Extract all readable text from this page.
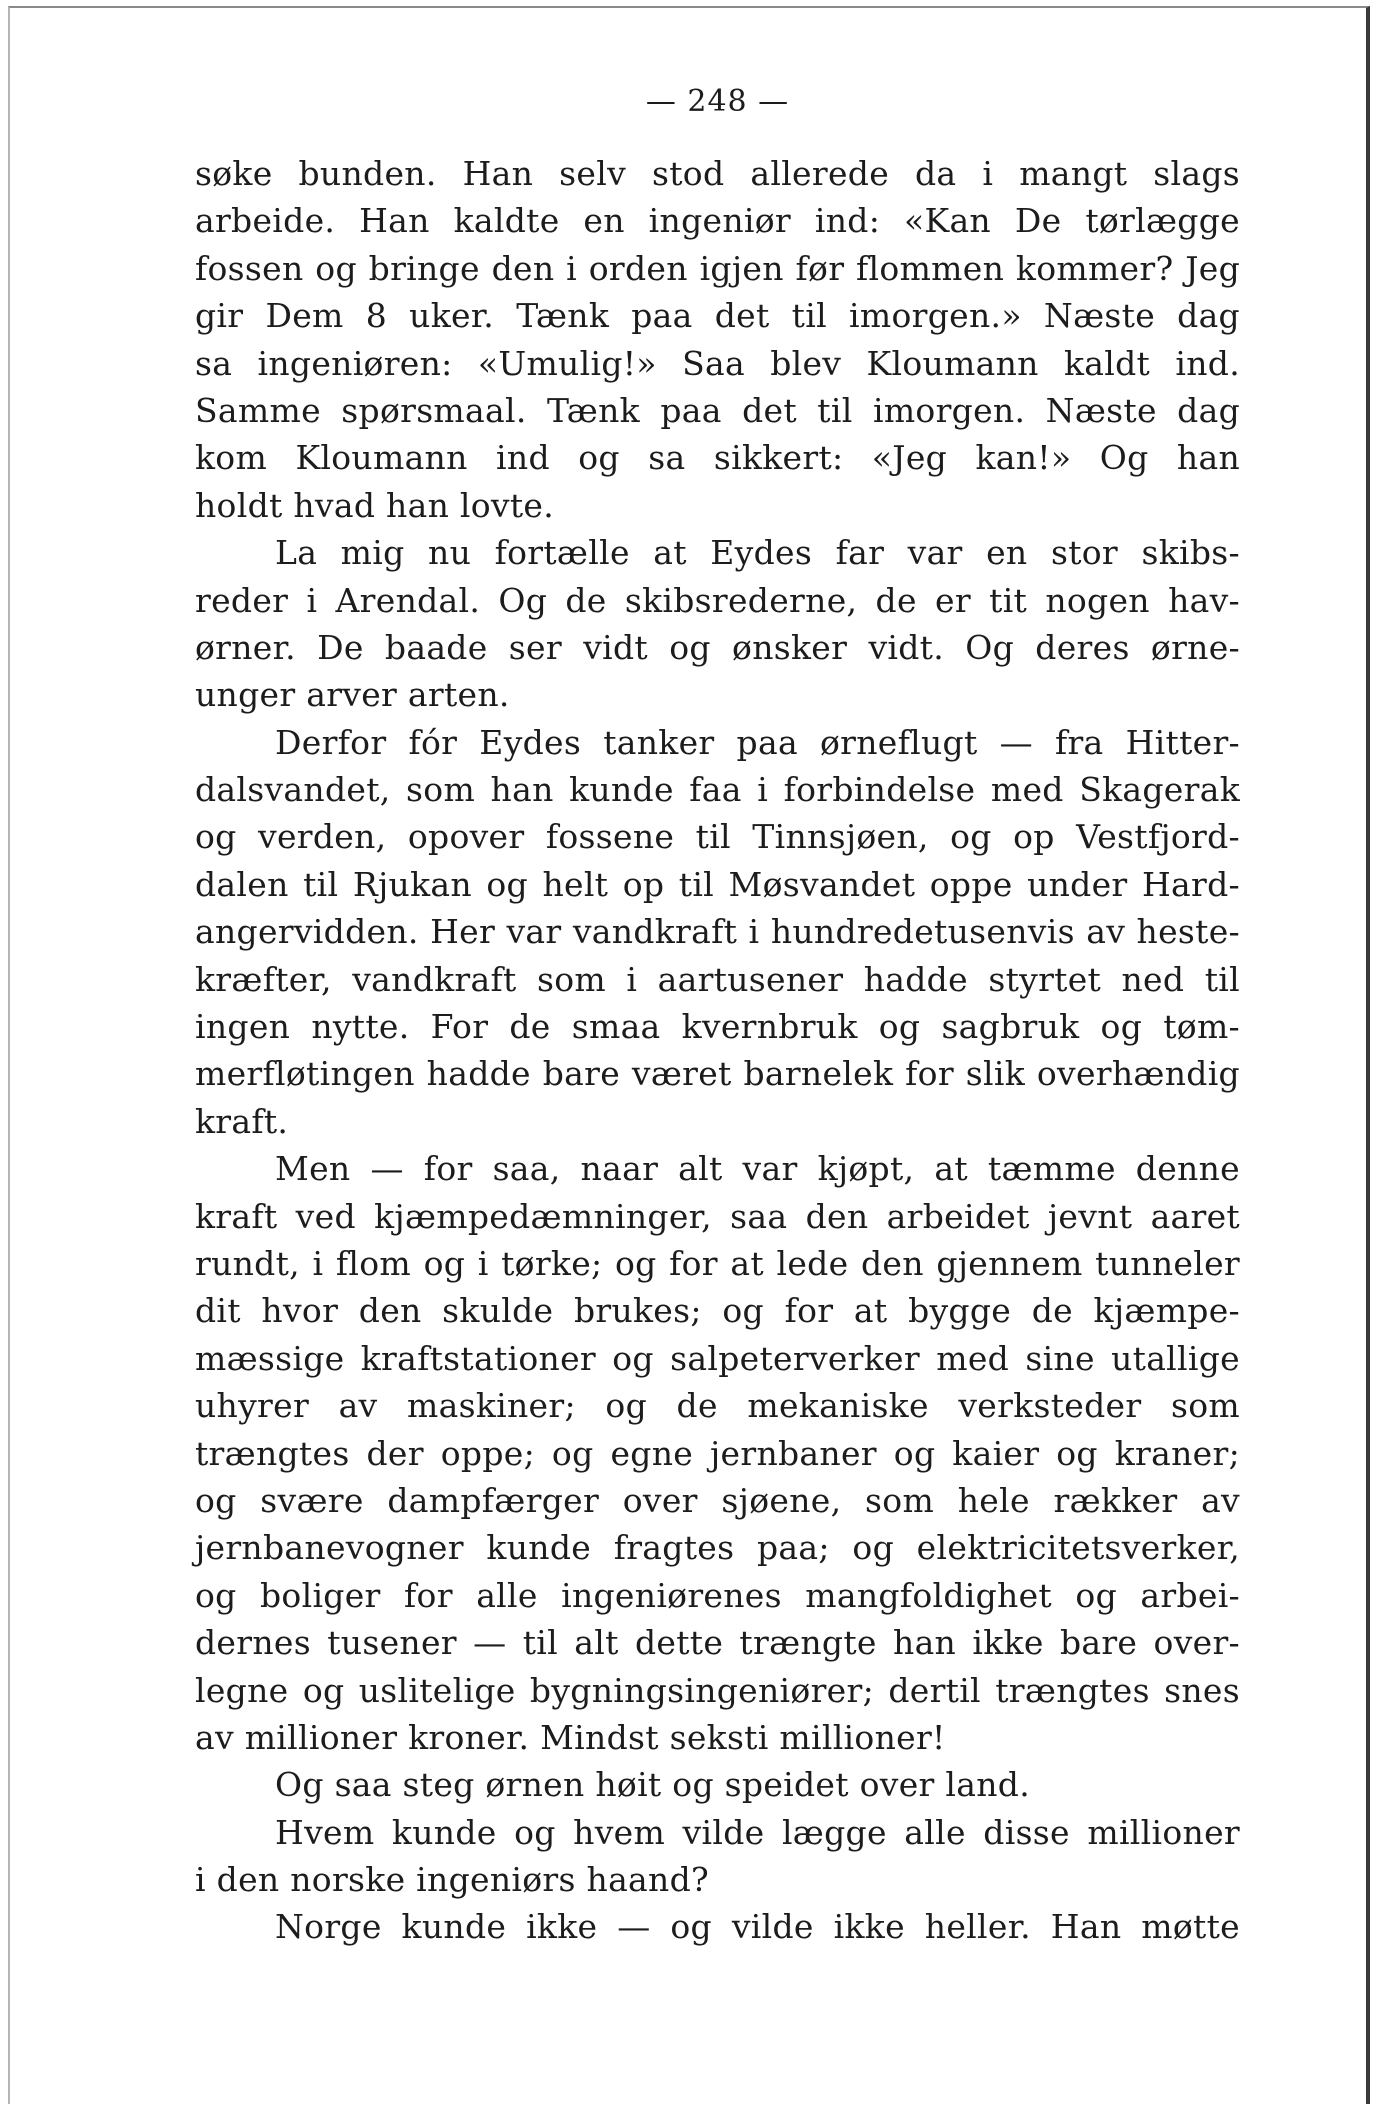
— 248 —
søke bunden. Han selv stod allerede da i mangt slags
arbeide. Han kaldte en ingeniør ind: «Kan De tørlægge
fossen og bringe den i orden igjen før flommen kommer? Jeg
gir Dem 8 uker. Tænk paa det til imorgen.» Næste dag
sa ingeniøren: «Umulig!» Saa blev Kloumann kaldt ind.
Samme spørsmaal. Tænk paa det til imorgen. Næste dag
kom Kloumann ind og sa sikkert: «Jeg kan!» Og han
holdt hvad han lovte.
La mig nu fortælle at Eydes far var en stor skibs-
reder i Arendal. Og de skibsrederne, de er tit nogen hav-
ørner. De baade ser vidt og ønsker vidt. Og deres ørne-
unger arver arten.
Derfor fór Eydes tanker paa ørneflugt — fra Hitter-
dalsvandet, som han kunde faa i forbindelse med Skagerak
og verden, opover fossene til Tinnsjøen, og op Vestfjord-
dalen til Rjukan og helt op til Møsvandet oppe under Hard-
angervidden. Her var vandkraft i hundredetusenvis av heste-
kræfter, vandkraft som i aartusener hadde styrtet ned til
ingen nytte. For de smaa kvernbruk og sagbruk og tøm-
merfløtingen hadde bare været barnelek for slik overhændig
kraft.
Men — for saa, naar alt var kjøpt, at tæmme denne
kraft ved kjæmpedæmninger, saa den arbeidet jevnt aaret
rundt, i flom og i tørke; og for at lede den gjennem tunneler
dit hvor den skulde brukes; og for at bygge de kjæmpe-
mæssige kraftstationer og salpeterverker med sine utallige
uhyrer av maskiner; og de mekaniske verksteder som
trængtes der oppe; og egne jernbaner og kaier og kraner;
og svære dampfærger over sjøene, som hele rækker av
jernbanevogner kunde fragtes paa; og elektricitetsverker,
og boliger for alle ingeniørenes mangfoldighet og arbei-
dernes tusener — til alt dette trængte han ikke bare over-
legne og uslitelige bygningsingeniører; dertil trængtes snes
av millioner kroner. Mindst seksti millioner!
Og saa steg ørnen høit og speidet over land.
Hvem kunde og hvem vilde lægge alle disse millioner
i den norske ingeniørs haand?
Norge kunde ikke — og vilde ikke heller. Han møtte
